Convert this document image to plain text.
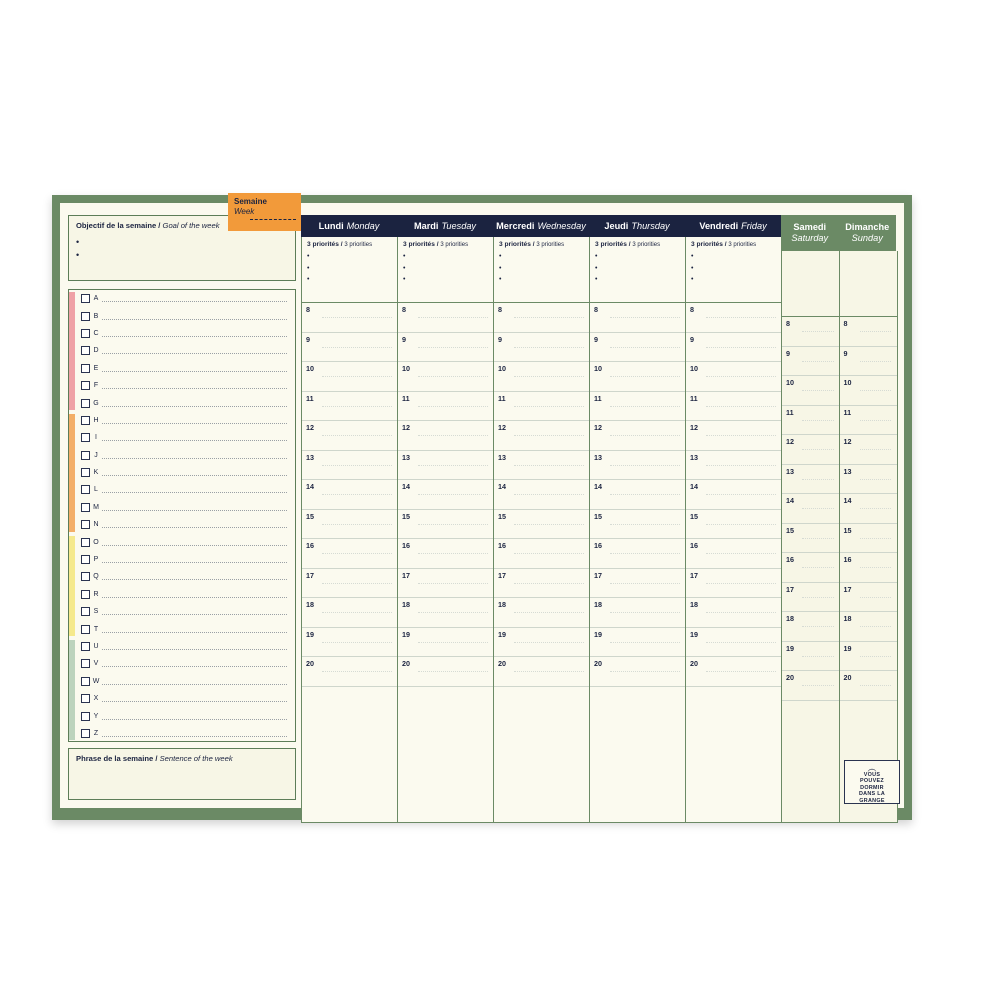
Objectif de la semaine / Goal of the week
•
•
Semaine
Week
A
B
C
D
E
F
G
H
I
J
K
L
M
N
O
P
Q
R
S
T
U
V
W
X
Y
Z
Phrase de la semaine / Sentence of the week
Lundi Monday
3 priorités / 3 priorities
•
•
•
8
9
10
11
12
13
14
15
16
17
18
19
20
Mardi Tuesday
3 priorités / 3 priorities
•
•
•
8
9
10
11
12
13
14
15
16
17
18
19
20
Mercredi Wednesday
3 priorités / 3 priorities
•
•
•
8
9
10
11
12
13
14
15
16
17
18
19
20
Jeudi Thursday
3 priorités / 3 priorities
•
•
•
8
9
10
11
12
13
14
15
16
17
18
19
20
Vendredi Friday
3 priorités / 3 priorities
•
•
•
8
9
10
11
12
13
14
15
16
17
18
19
20
Samedi
Saturday
8
9
10
11
12
13
14
15
16
17
18
19
20
Dimanche
Sunday
8
9
10
11
12
13
14
15
16
17
18
19
20
︵
VOUS
POUVEZ
DORMIR
DANS LA
GRANGE
